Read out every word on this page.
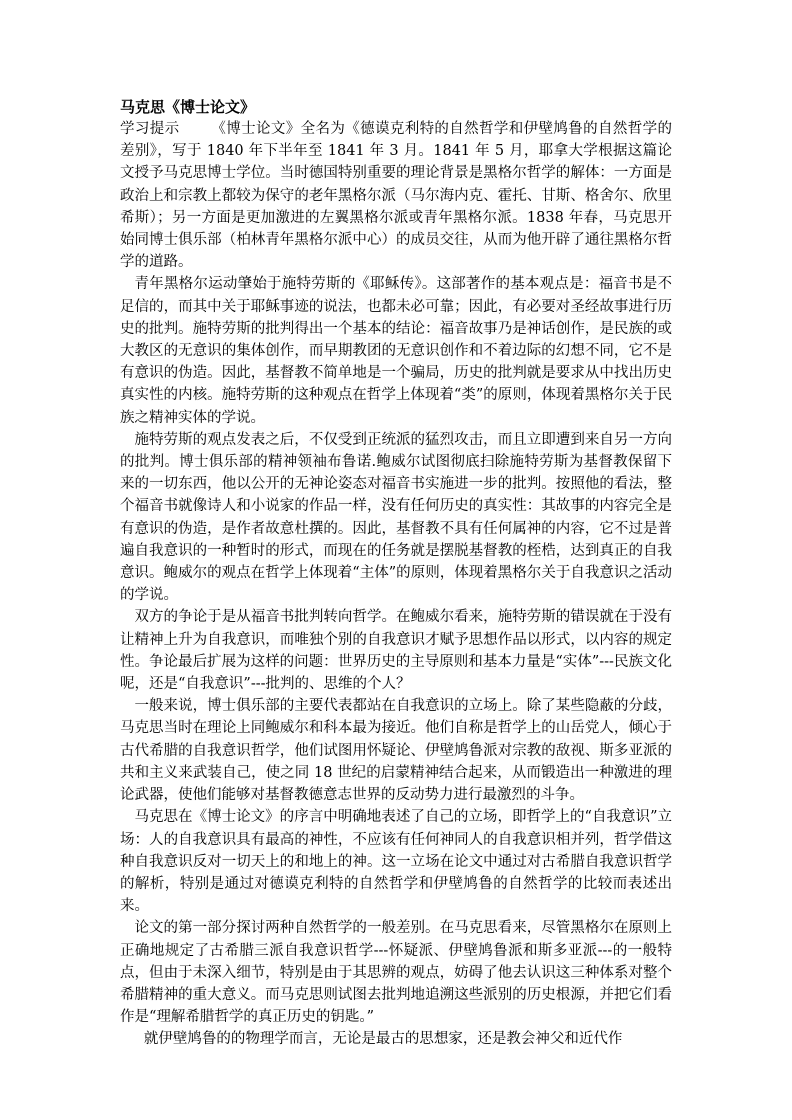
马克思《博士论文》

学习提示 《博士论文》全名为《德谟克利特的自然哲学和伊壁鸠鲁的自然哲学的差别》，写于 1840 年下半年至 1841 年 3 月。1841 年 5 月，耶拿大学根据这篇论文授予马克思博士学位。当时德国特别重要的理论背景是黑格尔哲学的解体：一方面是政治上和宗教上都较为保守的老年黑格尔派（马尔海内克、霍托、甘斯、格舍尔、欣里希斯）；另一方面是更加激进的左翼黑格尔派或青年黑格尔派。1838 年春，马克思开始同博士俱乐部（柏林青年黑格尔派中心）的成员交往，从而为他开辟了通往黑格尔哲学的道路。

青年黑格尔运动肇始于施特劳斯的《耶稣传》。这部著作的基本观点是：福音书是不足信的，而其中关于耶稣事迹的说法，也都未必可靠；因此，有必要对圣经故事进行历史的批判。施特劳斯的批判得出一个基本的结论：福音故事乃是神话创作，是民族的或大教区的无意识的集体创作，而早期教团的无意识创作和不着边际的幻想不同，它不是有意识的伪造。因此，基督教不简单地是一个骗局，历史的批判就是要求从中找出历史真实性的内核。施特劳斯的这种观点在哲学上体现着“类”的原则，体现着黑格尔关于民族之精神实体的学说。

施特劳斯的观点发表之后，不仅受到正统派的猛烈攻击，而且立即遭到来自另一方向的批判。博士俱乐部的精神领袖布鲁诺.鲍威尔试图彻底扫除施特劳斯为基督教保留下来的一切东西，他以公开的无神论姿态对福音书实施进一步的批判。按照他的看法，整个福音书就像诗人和小说家的作品一样，没有任何历史的真实性：其故事的内容完全是有意识的伪造，是作者故意杜撰的。因此，基督教不具有任何属神的内容，它不过是普遍自我意识的一种暂时的形式，而现在的任务就是摆脱基督教的桎梏，达到真正的自我意识。鲍威尔的观点在哲学上体现着“主体”的原则，体现着黑格尔关于自我意识之活动的学说。

双方的争论于是从福音书批判转向哲学。在鲍威尔看来，施特劳斯的错误就在于没有让精神上升为自我意识，而唯独个别的自我意识才赋予思想作品以形式，以内容的规定性。争论最后扩展为这样的问题：世界历史的主导原则和基本力量是“实体”---民族文化呢，还是“自我意识”---批判的、思维的个人？

一般来说，博士俱乐部的主要代表都站在自我意识的立场上。除了某些隐蔽的分歧，马克思当时在理论上同鲍威尔和科本最为接近。他们自称是哲学上的山岳党人，倾心于古代希腊的自我意识哲学，他们试图用怀疑论、伊壁鸠鲁派对宗教的敌视、斯多亚派的共和主义来武装自己，使之同 18 世纪的启蒙精神结合起来，从而锻造出一种激进的理论武器，使他们能够对基督教德意志世界的反动势力进行最激烈的斗争。

马克思在《博士论文》的序言中明确地表述了自己的立场，即哲学上的“自我意识”立场：人的自我意识具有最高的神性，不应该有任何神同人的自我意识相并列，哲学借这种自我意识反对一切天上的和地上的神。这一立场在论文中通过对古希腊自我意识哲学的解析，特别是通过对德谟克利特的自然哲学和伊壁鸠鲁的自然哲学的比较而表述出来。

论文的第一部分探讨两种自然哲学的一般差别。在马克思看来，尽管黑格尔在原则上正确地规定了古希腊三派自我意识哲学---怀疑派、伊壁鸠鲁派和斯多亚派---的一般特点，但由于未深入细节，特别是由于其思辨的观点，妨碍了他去认识这三种体系对整个希腊精神的重大意义。而马克思则试图去批判地追溯这些派别的历史根源，并把它们看作是“理解希腊哲学的真正历史的钥匙。”

就伊壁鸠鲁的的物理学而言，无论是最古的思想家，还是教会神父和近代作
